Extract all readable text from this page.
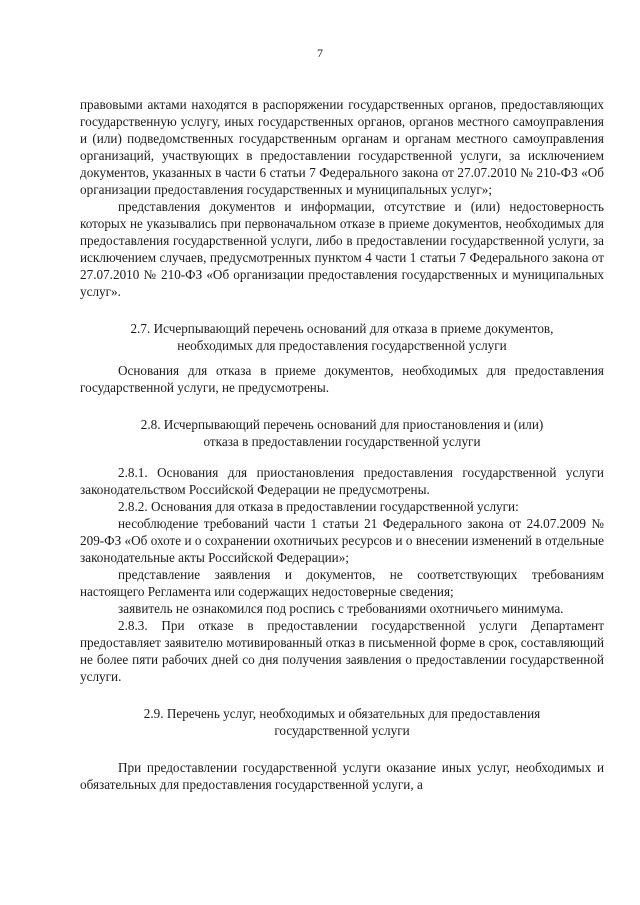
7

правовыми актами находятся в распоряжении государственных органов, предоставляющих государственную услугу, иных государственных органов, органов местного самоуправления и (или) подведомственных государственным органам и органам местного самоуправления организаций, участвующих в предоставлении государственной услуги, за исключением документов, указанных в части 6 статьи 7 Федерального закона от 27.07.2010 № 210-ФЗ «Об организации предоставления государственных и муниципальных услуг»;

представления документов и информации, отсутствие и (или) недостоверность которых не указывались при первоначальном отказе в приеме документов, необходимых для предоставления государственной услуги, либо в предоставлении государственной услуги, за исключением случаев, предусмотренных пунктом 4 части 1 статьи 7 Федерального закона от 27.07.2010 № 210-ФЗ «Об организации предоставления государственных и муниципальных услуг».

2.7. Исчерпывающий перечень оснований для отказа в приеме документов,
необходимых для предоставления государственной услуги

Основания для отказа в приеме документов, необходимых для предоставления государственной услуги, не предусмотрены.

2.8. Исчерпывающий перечень оснований для приостановления и (или)
отказа в предоставлении государственной услуги

2.8.1. Основания для приостановления предоставления государственной услуги законодательством Российской Федерации не предусмотрены.

2.8.2. Основания для отказа в предоставлении государственной услуги:

несоблюдение требований части 1 статьи 21 Федерального закона от 24.07.2009 № 209-ФЗ «Об охоте и о сохранении охотничьих ресурсов и о внесении изменений в отдельные законодательные акты Российской Федерации»;

представление заявления и документов, не соответствующих требованиям настоящего Регламента или содержащих недостоверные сведения;

заявитель не ознакомился под роспись с требованиями охотничьего минимума.

2.8.3. При отказе в предоставлении государственной услуги Департамент предоставляет заявителю мотивированный отказ в письменной форме в срок, составляющий не более пяти рабочих дней со дня получения заявления о предоставлении государственной услуги.

2.9. Перечень услуг, необходимых и обязательных для предоставления
государственной услуги

При предоставлении государственной услуги оказание иных услуг, необходимых и обязательных для предоставления государственной услуги, а
